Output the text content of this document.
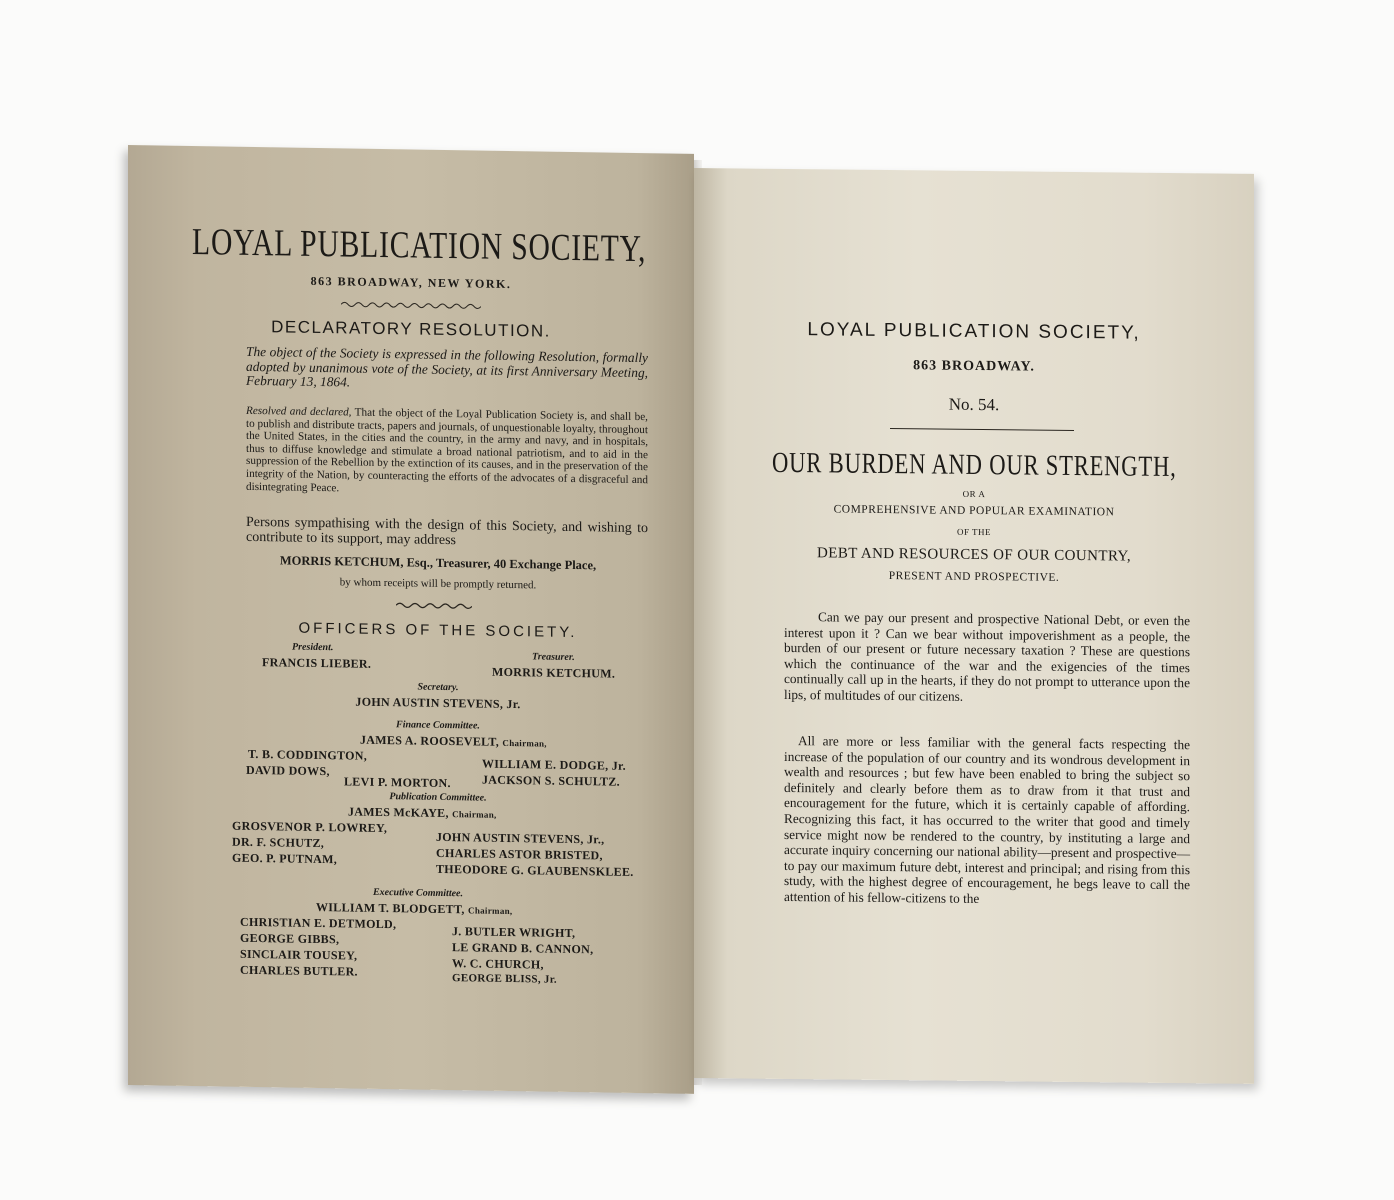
LOYAL PUBLICATION SOCIETY,
863 BROADWAY, NEW YORK.
DECLARATORY RESOLUTION.

The object of the Society is expressed in the following Resolution, formally adopted by unanimous vote of the Society, at its first Anniversary Meeting, February 13, 1864.

Resolved and declared, That the object of the Loyal Publication Society is, and shall be, to publish and distribute tracts, papers and journals, of unquestionable loyalty, throughout the United States, in the cities and the country, in the army and navy, and in hospitals, thus to diffuse knowledge and stimulate a broad national patriotism, and to aid in the suppression of the Rebellion by the extinction of its causes, and in the preservation of the integrity of the Nation, by counteracting the efforts of the advocates of a disgraceful and disintegrating Peace.

Persons sympathising with the design of this Society, and wishing to contribute to its support, may address

MORRIS KETCHUM, Esq., Treasurer, 40 Exchange Place,
by whom receipts will be promptly returned.
OFFICERS OF THE SOCIETY.
President.
FRANCIS LIEBER.	Treasurer.
MORRIS KETCHUM.
Secretary.
JOHN AUSTIN STEVENS, Jr.
Finance Committee.
JAMES A. ROOSEVELT, Chairman,
T. B. CODDINGTON,
WILLIAM E. DODGE, Jr.
DAVID DOWS,
LEVI P. MORTON.	JACKSON S. SCHULTZ.
Publication Committee.
JAMES McKAYE, Chairman,
GROSVENOR P. LOWREY,
DR. F. SCHUTZ,
GEO. P. PUTNAM,
JOHN AUSTIN STEVENS, Jr.,
CHARLES ASTOR BRISTED,
THEODORE G. GLAUBENSKLEE.
Executive Committee.
WILLIAM T. BLODGETT, Chairman,
CHRISTIAN E. DETMOLD,
GEORGE GIBBS,
SINCLAIR TOUSEY,
CHARLES BUTLER.
J. BUTLER WRIGHT,
LE GRAND B. CANNON,
W. C. CHURCH,
GEORGE BLISS, Jr.
LOYAL PUBLICATION SOCIETY,
863 BROADWAY.
No. 54.
OUR BURDEN AND OUR STRENGTH,
OR A
COMPREHENSIVE AND POPULAR EXAMINATION
OF THE
DEBT AND RESOURCES OF OUR COUNTRY,
PRESENT AND PROSPECTIVE.

Can we pay our present and prospective National Debt, or even the interest upon it ? Can we bear without impoverishment as a people, the burden of our present or future necessary taxation ? These are questions which the continuance of the war and the exigencies of the times continually call up in the hearts, if they do not prompt to utterance upon the lips, of multitudes of our citizens.

All are more or less familiar with the general facts respecting the increase of the population of our country and its wondrous development in wealth and resources ; but few have been enabled to bring the subject so definitely and clearly before them as to draw from it that trust and encouragement for the future, which it is certainly capable of affording. Recognizing this fact, it has occurred to the writer that good and timely service might now be rendered to the country, by instituting a large and accurate inquiry concerning our national ability—present and prospective—to pay our maximum future debt, interest and principal; and rising from this study, with the highest degree of encouragement, he begs leave to call the attention of his fellow-citizens to the
